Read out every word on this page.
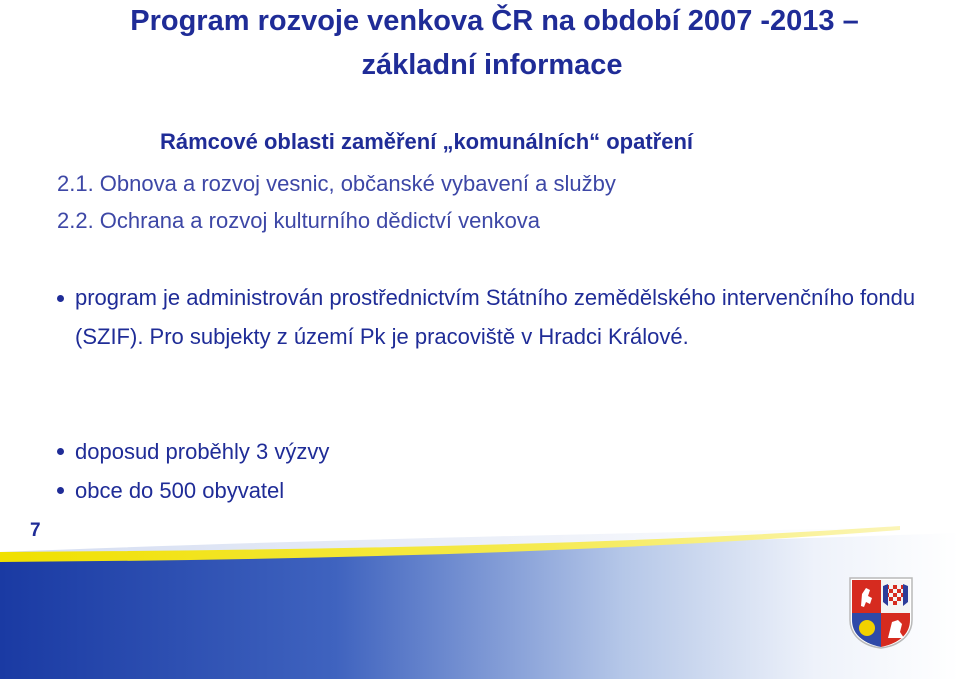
Program rozvoje venkova ČR na období 2007 -2013 –
základní informace

Rámcové oblasti zaměření „komunálních“ opatření

2.1. Obnova a rozvoj vesnic, občanské vybavení a služby

2.2. Ochrana a rozvoj kulturního dědictví venkova

program je administrován prostřednictvím Státního zemědělského intervenčního fondu (SZIF). Pro subjekty z území Pk je pracoviště v Hradci Králové.
doposud proběhly 3 výzvy
obce do 500 obyvatel

7
